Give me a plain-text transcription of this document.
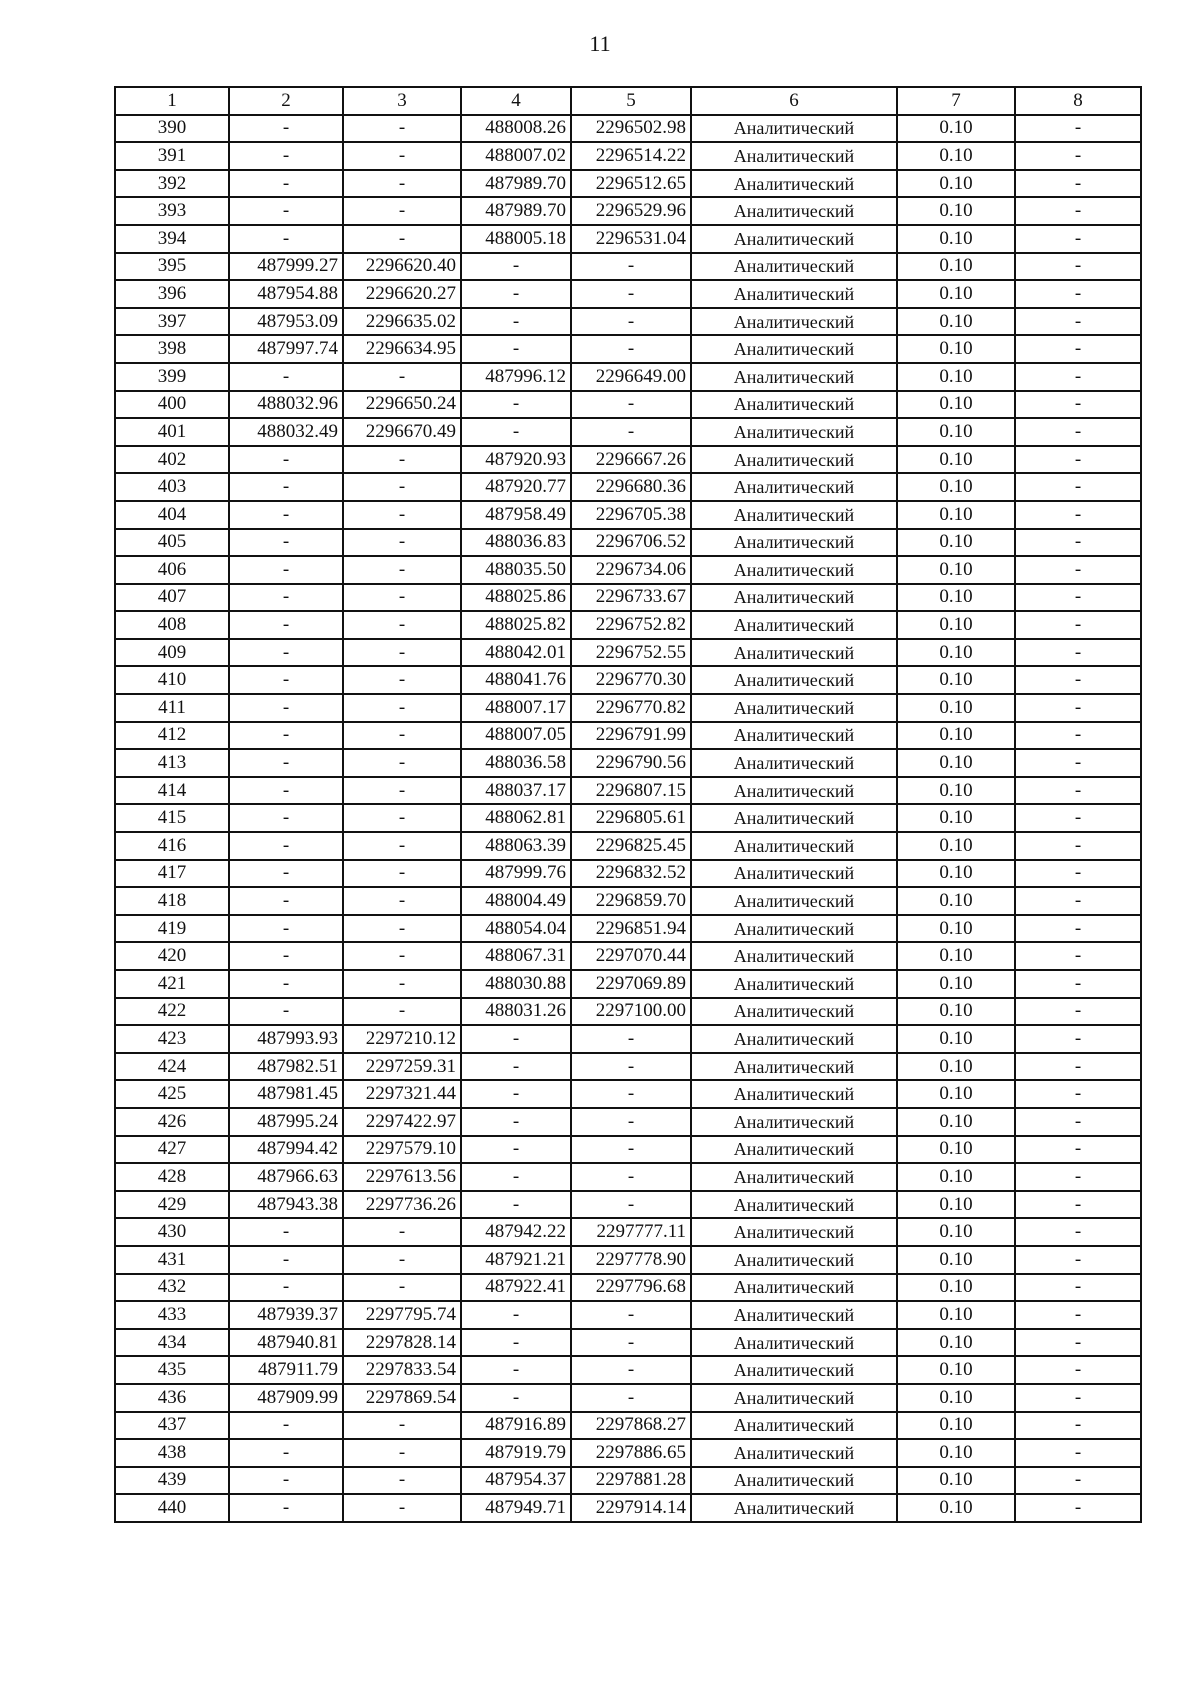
11
1	2	3	4	5	6	7	8
390	-	-	488008.26	2296502.98	Аналитический	0.10	-
391	-	-	488007.02	2296514.22	Аналитический	0.10	-
392	-	-	487989.70	2296512.65	Аналитический	0.10	-
393	-	-	487989.70	2296529.96	Аналитический	0.10	-
394	-	-	488005.18	2296531.04	Аналитический	0.10	-
395	487999.27	2296620.40	-	-	Аналитический	0.10	-
396	487954.88	2296620.27	-	-	Аналитический	0.10	-
397	487953.09	2296635.02	-	-	Аналитический	0.10	-
398	487997.74	2296634.95	-	-	Аналитический	0.10	-
399	-	-	487996.12	2296649.00	Аналитический	0.10	-
400	488032.96	2296650.24	-	-	Аналитический	0.10	-
401	488032.49	2296670.49	-	-	Аналитический	0.10	-
402	-	-	487920.93	2296667.26	Аналитический	0.10	-
403	-	-	487920.77	2296680.36	Аналитический	0.10	-
404	-	-	487958.49	2296705.38	Аналитический	0.10	-
405	-	-	488036.83	2296706.52	Аналитический	0.10	-
406	-	-	488035.50	2296734.06	Аналитический	0.10	-
407	-	-	488025.86	2296733.67	Аналитический	0.10	-
408	-	-	488025.82	2296752.82	Аналитический	0.10	-
409	-	-	488042.01	2296752.55	Аналитический	0.10	-
410	-	-	488041.76	2296770.30	Аналитический	0.10	-
411	-	-	488007.17	2296770.82	Аналитический	0.10	-
412	-	-	488007.05	2296791.99	Аналитический	0.10	-
413	-	-	488036.58	2296790.56	Аналитический	0.10	-
414	-	-	488037.17	2296807.15	Аналитический	0.10	-
415	-	-	488062.81	2296805.61	Аналитический	0.10	-
416	-	-	488063.39	2296825.45	Аналитический	0.10	-
417	-	-	487999.76	2296832.52	Аналитический	0.10	-
418	-	-	488004.49	2296859.70	Аналитический	0.10	-
419	-	-	488054.04	2296851.94	Аналитический	0.10	-
420	-	-	488067.31	2297070.44	Аналитический	0.10	-
421	-	-	488030.88	2297069.89	Аналитический	0.10	-
422	-	-	488031.26	2297100.00	Аналитический	0.10	-
423	487993.93	2297210.12	-	-	Аналитический	0.10	-
424	487982.51	2297259.31	-	-	Аналитический	0.10	-
425	487981.45	2297321.44	-	-	Аналитический	0.10	-
426	487995.24	2297422.97	-	-	Аналитический	0.10	-
427	487994.42	2297579.10	-	-	Аналитический	0.10	-
428	487966.63	2297613.56	-	-	Аналитический	0.10	-
429	487943.38	2297736.26	-	-	Аналитический	0.10	-
430	-	-	487942.22	2297777.11	Аналитический	0.10	-
431	-	-	487921.21	2297778.90	Аналитический	0.10	-
432	-	-	487922.41	2297796.68	Аналитический	0.10	-
433	487939.37	2297795.74	-	-	Аналитический	0.10	-
434	487940.81	2297828.14	-	-	Аналитический	0.10	-
435	487911.79	2297833.54	-	-	Аналитический	0.10	-
436	487909.99	2297869.54	-	-	Аналитический	0.10	-
437	-	-	487916.89	2297868.27	Аналитический	0.10	-
438	-	-	487919.79	2297886.65	Аналитический	0.10	-
439	-	-	487954.37	2297881.28	Аналитический	0.10	-
440	-	-	487949.71	2297914.14	Аналитический	0.10	-
